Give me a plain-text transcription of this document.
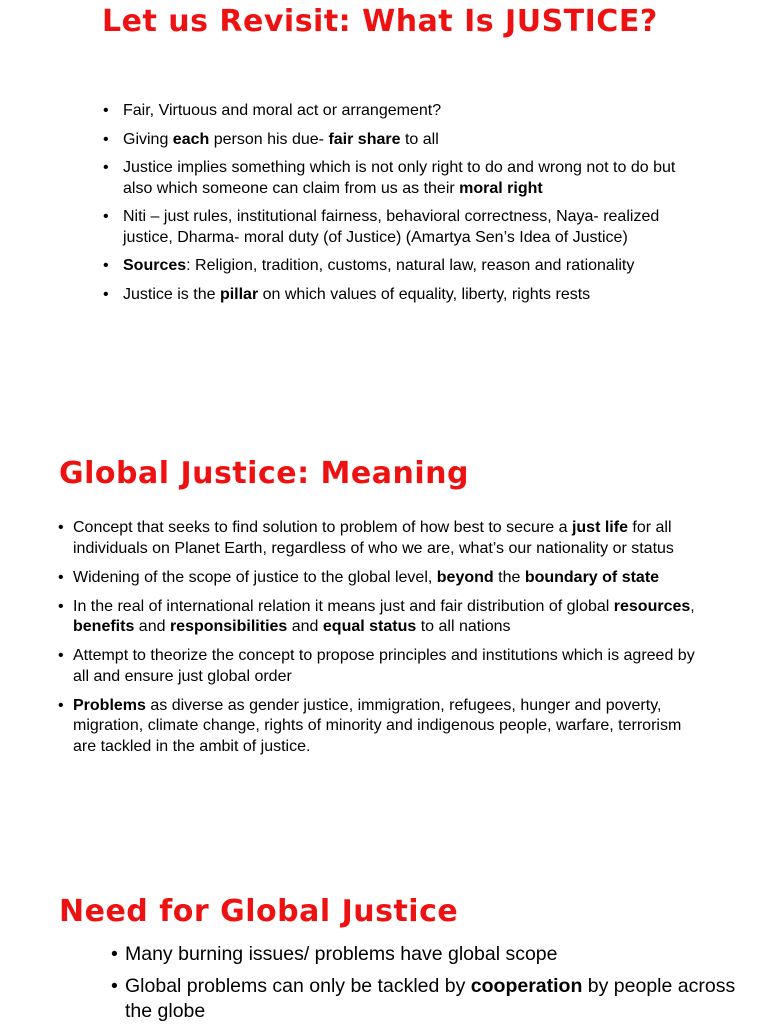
Let us Revisit: What Is JUSTICE?
• Fair, Virtuous and moral act or arrangement?
• Giving each person his due- fair share to all
• Justice implies something which is not only right to do and wrong not to do but also which someone can claim from us as their moral right
• Niti – just rules, institutional fairness, behavioral correctness, Naya- realized justice, Dharma- moral duty (of Justice) (Amartya Sen’s Idea of Justice)
• Sources: Religion, tradition, customs, natural law, reason and rationality
• Justice is the pillar on which values of equality, liberty, rights rests
Global Justice: Meaning
• Concept that seeks to find solution to problem of how best to secure a just life for all individuals on Planet Earth, regardless of who we are, what’s our nationality or status
• Widening of the scope of justice to the global level, beyond the boundary of state
• In the real of international relation it means just and fair distribution of global resources, benefits and responsibilities and equal status to all nations
• Attempt to theorize the concept to propose principles and institutions which is agreed by all and ensure just global order
• Problems as diverse as gender justice, immigration, refugees, hunger and poverty, migration, climate change, rights of minority and indigenous people, warfare, terrorism are tackled in the ambit of justice.
Need for Global Justice
• Many burning issues/ problems have global scope
• Global problems can only be tackled by cooperation by people across the globe
